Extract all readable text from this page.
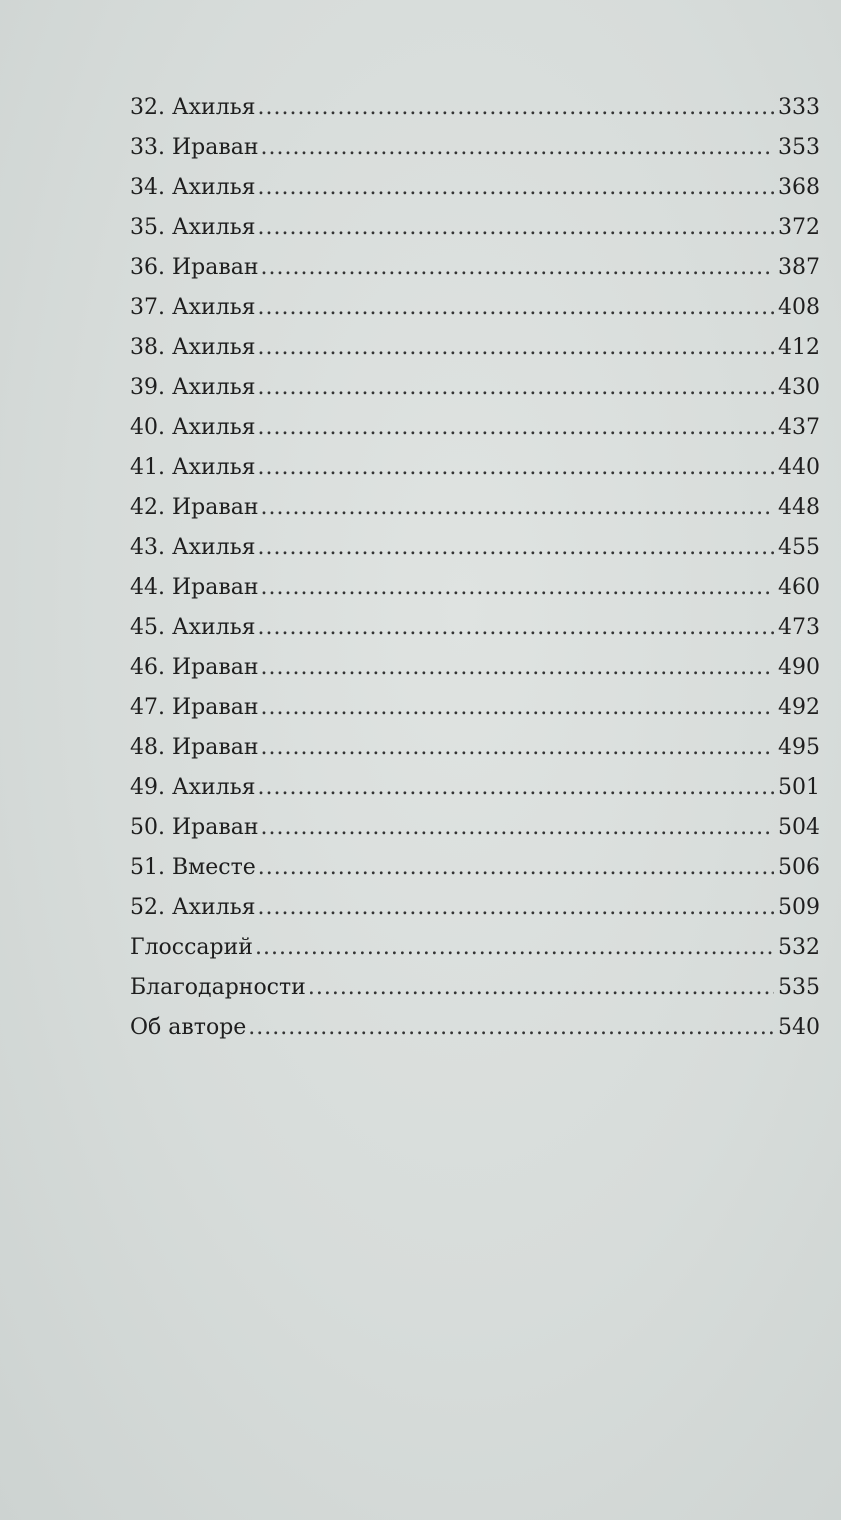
32. Ахилья .....	333
33. Ираван .....	353
34. Ахилья .....	368
35. Ахилья .....	372
36. Ираван .....	387
37. Ахилья .....	408
38. Ахилья .....	412
39. Ахилья .....	430
40. Ахилья .....	437
41. Ахилья .....	440
42. Ираван .....	448
43. Ахилья .....	455
44. Ираван .....	460
45. Ахилья .....	473
46. Ираван .....	490
47. Ираван .....	492
48. Ираван .....	495
49. Ахилья .....	501
50. Ираван .....	504
51. Вместе .....	506
52. Ахилья .....	509
Глоссарий .....	532
Благодарности .....	535
Об авторе .....	540
